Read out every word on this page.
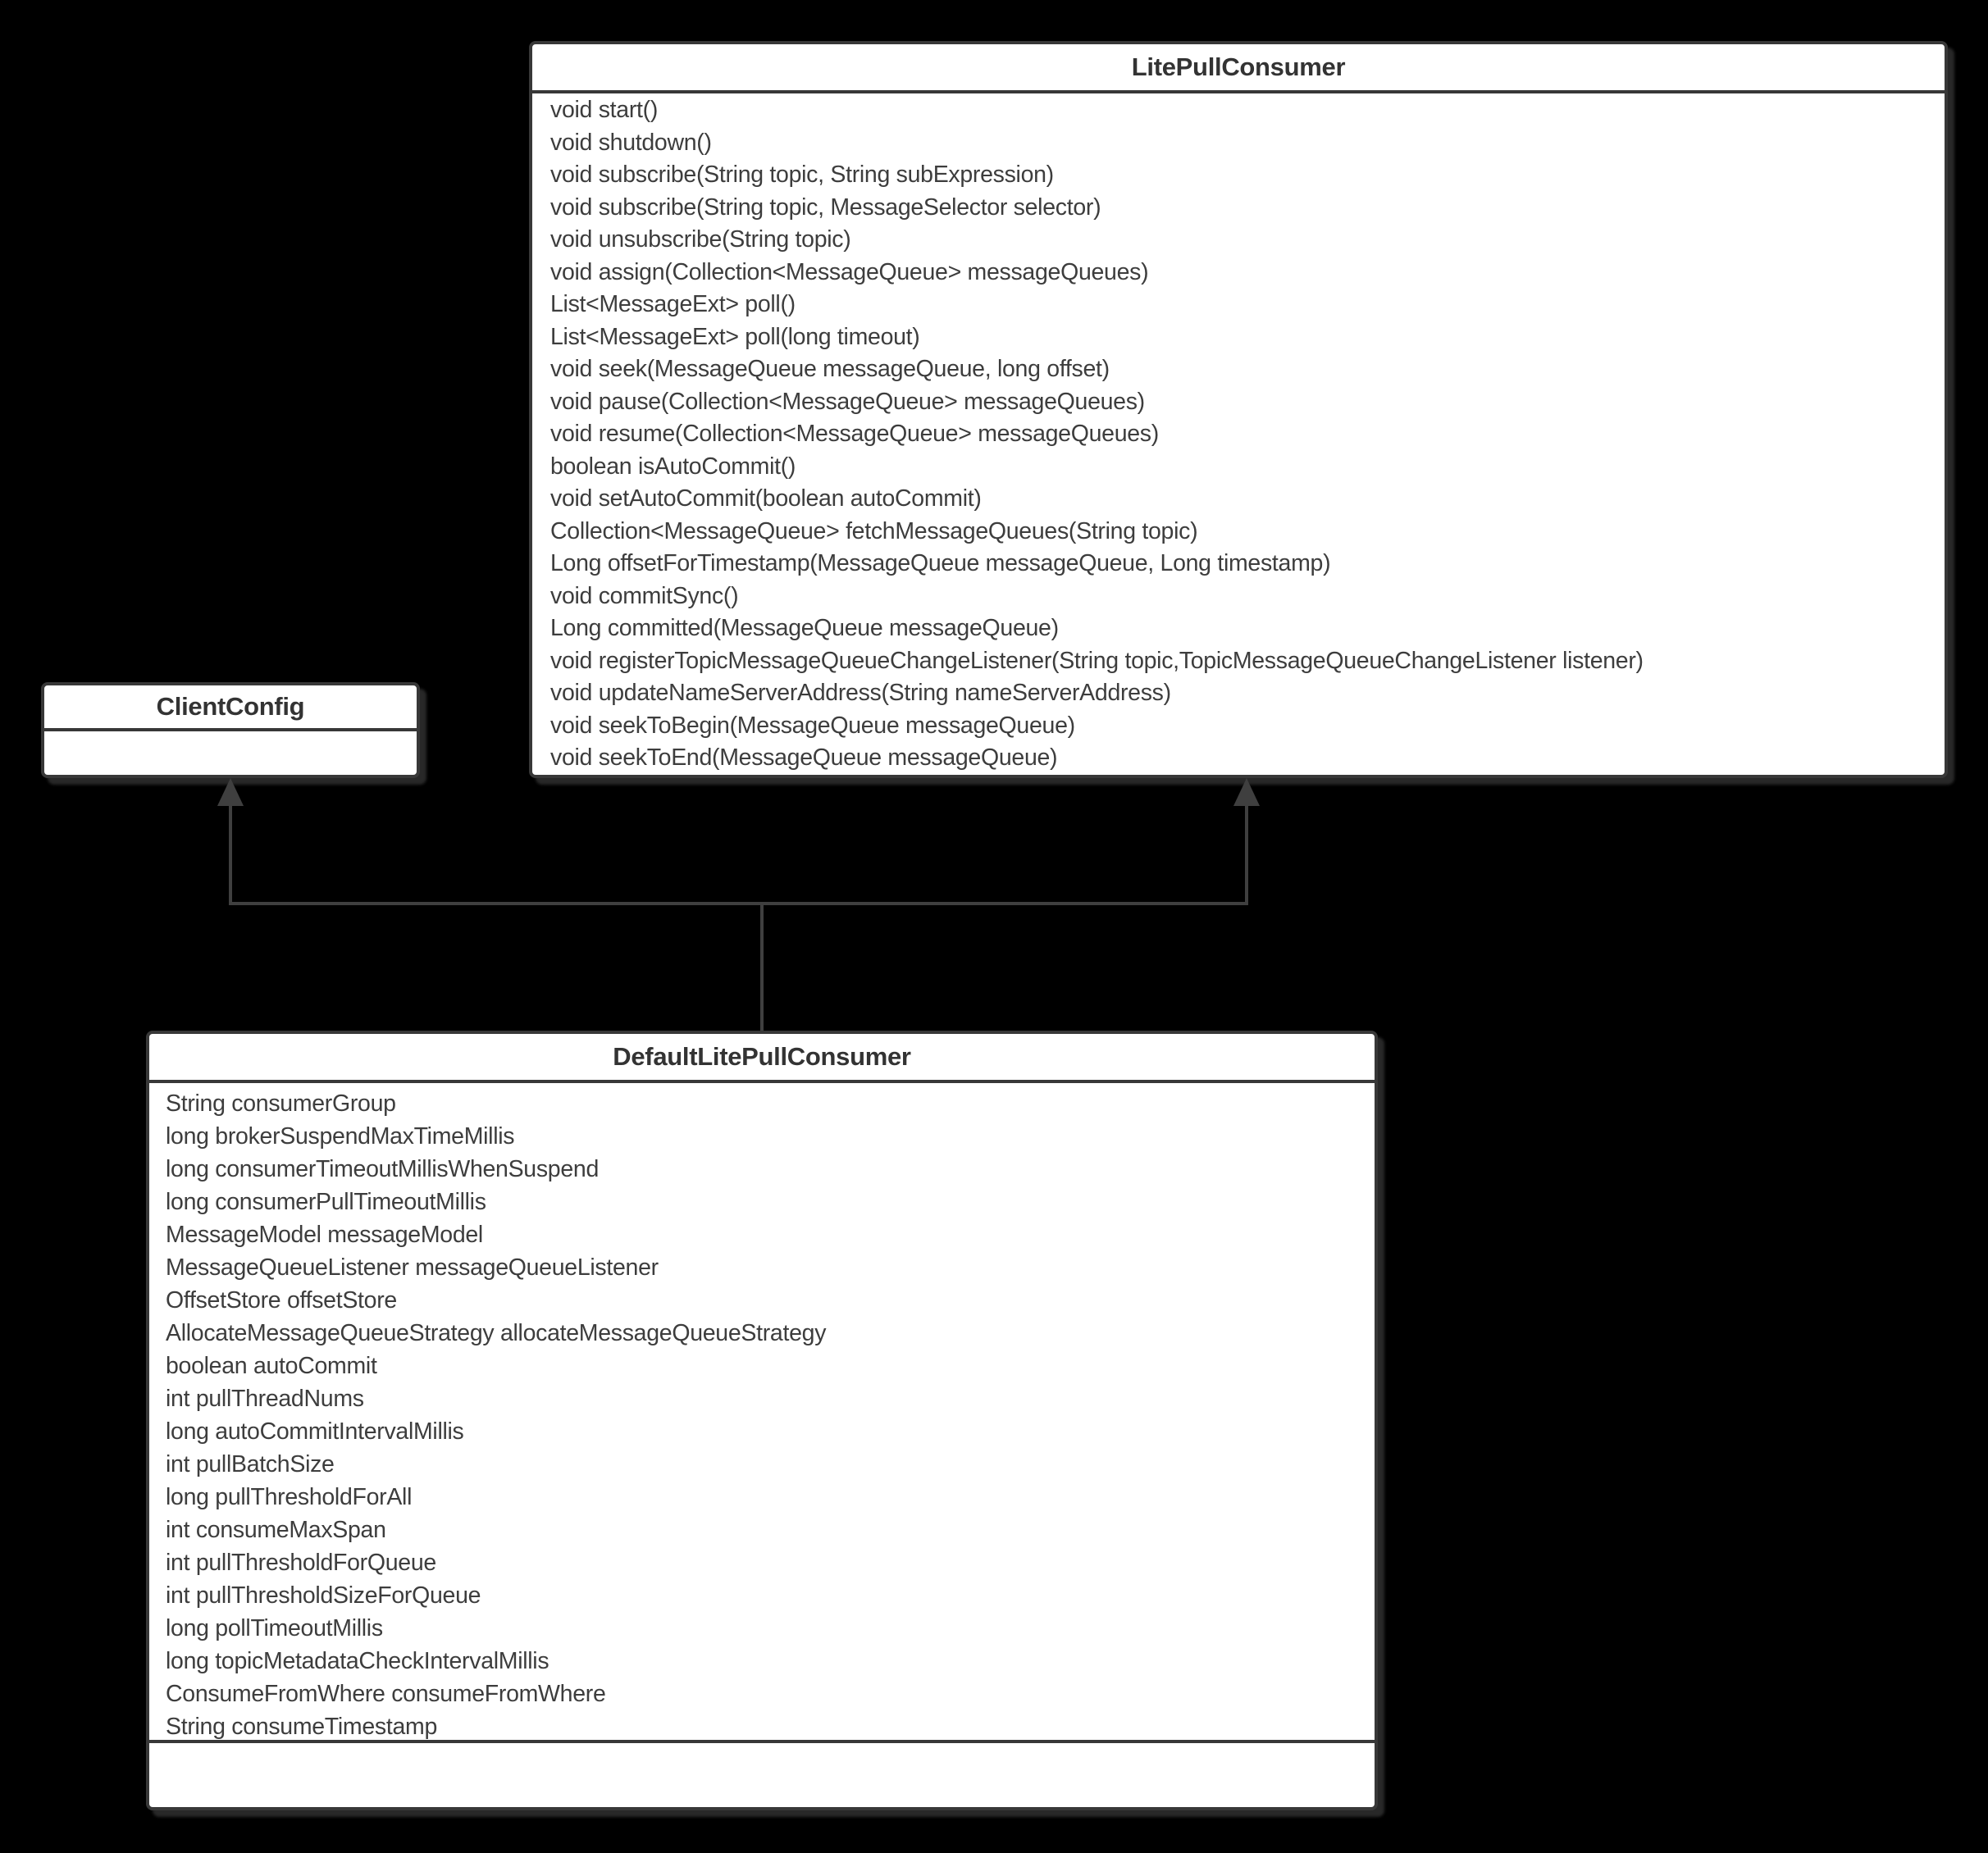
LitePullConsumer
void start()
void shutdown()
void subscribe(String topic, String subExpression)
void subscribe(String topic, MessageSelector selector)
void unsubscribe(String topic)
void assign(Collection<MessageQueue> messageQueues)
List<MessageExt> poll()
List<MessageExt> poll(long timeout)
void seek(MessageQueue messageQueue, long offset)
void pause(Collection<MessageQueue> messageQueues)
void resume(Collection<MessageQueue> messageQueues)
boolean isAutoCommit()
void setAutoCommit(boolean autoCommit)
Collection<MessageQueue> fetchMessageQueues(String topic)
Long offsetForTimestamp(MessageQueue messageQueue, Long timestamp)
void commitSync()
Long committed(MessageQueue messageQueue)
void registerTopicMessageQueueChangeListener(String topic,TopicMessageQueueChangeListener listener)
void updateNameServerAddress(String nameServerAddress)
void seekToBegin(MessageQueue messageQueue)
void seekToEnd(MessageQueue messageQueue)
ClientConfig
DefaultLitePullConsumer
String consumerGroup
long brokerSuspendMaxTimeMillis
long consumerTimeoutMillisWhenSuspend
long consumerPullTimeoutMillis
MessageModel messageModel
MessageQueueListener messageQueueListener
OffsetStore offsetStore
AllocateMessageQueueStrategy allocateMessageQueueStrategy
boolean autoCommit
int pullThreadNums
long autoCommitIntervalMillis
int pullBatchSize
long pullThresholdForAll
int consumeMaxSpan
int pullThresholdForQueue
int pullThresholdSizeForQueue
long pollTimeoutMillis
long topicMetadataCheckIntervalMillis
ConsumeFromWhere consumeFromWhere
String consumeTimestamp
